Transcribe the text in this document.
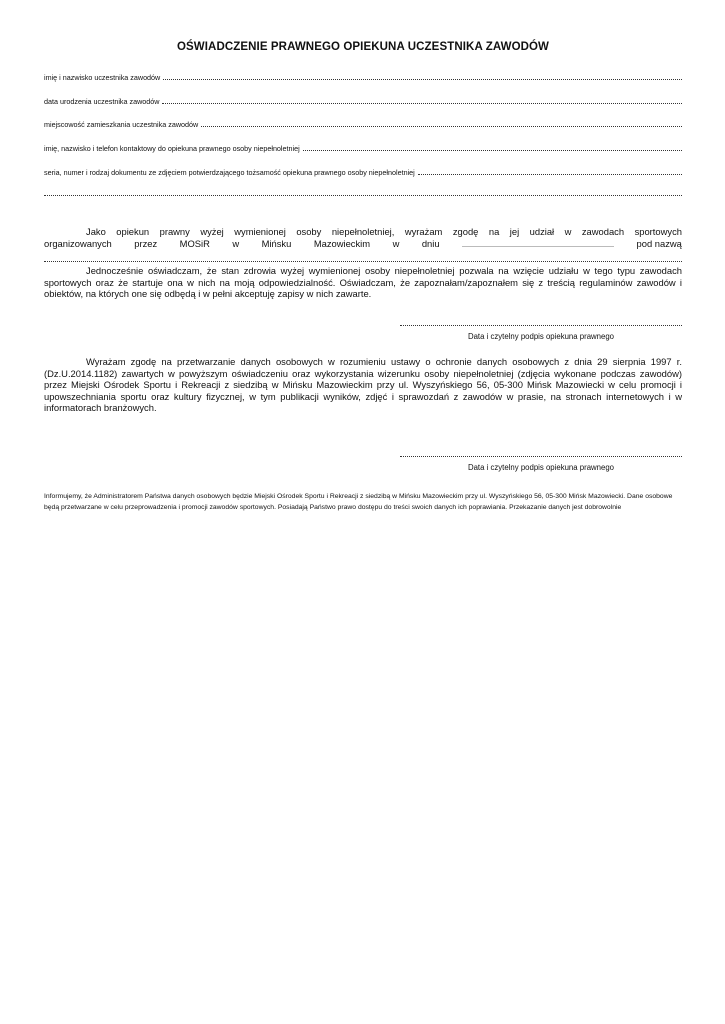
OŚWIADCZENIE PRAWNEGO OPIEKUNA UCZESTNIKA ZAWODÓW
imię i nazwisko uczestnika zawodów
data urodzenia uczestnika zawodów
miejscowość zamieszkania uczestnika zawodów
imię, nazwisko i telefon kontaktowy do opiekuna prawnego osoby niepełnoletniej
seria, numer i rodzaj dokumentu ze zdjęciem potwierdzającego tożsamość opiekuna prawnego osoby niepełnoletniej
Jako opiekun prawny wyżej wymienionej osoby niepełnoletniej, wyrażam zgodę na jej udział w zawodach sportowych
organizowanych przez MOSiR w Mińsku Mazowieckim w dniu	pod nazwą
Jednocześnie oświadczam, że stan zdrowia wyżej wymienionej osoby niepełnoletniej pozwala na wzięcie udziału w tego typu zawodach sportowych oraz że startuje ona w nich na moją odpowiedzialność. Oświadczam, że zapoznałam/zapoznałem się z treścią regulaminów zawodów i obiektów, na których one się odbędą i w pełni akceptuję zapisy w nich zawarte.
Data i czytelny podpis opiekuna prawnego
Wyrażam zgodę na przetwarzanie danych osobowych w rozumieniu ustawy o ochronie danych osobowych z dnia 29 sierpnia 1997 r. (Dz.U.2014.1182) zawartych w powyższym oświadczeniu oraz wykorzystania wizerunku osoby niepełnoletniej (zdjęcia wykonane podczas zawodów) przez Miejski Ośrodek Sportu i Rekreacji z siedzibą w Mińsku Mazowieckim przy ul. Wyszyńskiego 56, 05-300 Mińsk Mazowiecki w celu promocji i upowszechniania sportu oraz kultury fizycznej, w tym publikacji wyników, zdjęć i sprawozdań z zawodów w prasie, na stronach internetowych i w informatorach branżowych.
Data i czytelny podpis opiekuna prawnego
Informujemy, że Administratorem Państwa danych osobowych będzie Miejski Ośrodek Sportu i Rekreacji z siedzibą w Mińsku Mazowieckim przy ul. Wyszyńskiego 56, 05-300 Mińsk Mazowiecki. Dane osobowe będą przetwarzane w celu przeprowadzenia i promocji zawodów sportowych. Posiadają Państwo prawo dostępu do treści swoich danych ich poprawiania. Przekazanie danych jest dobrowolnie
